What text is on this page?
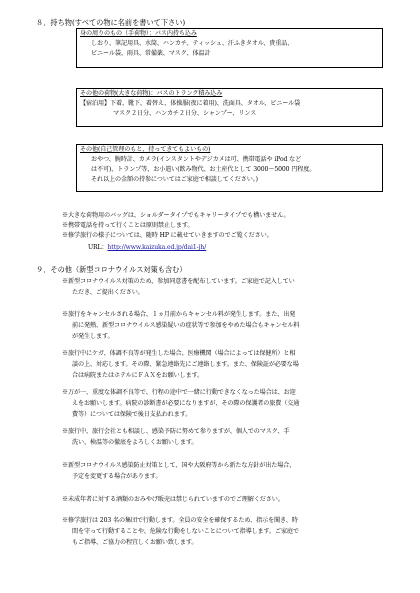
８．持ち物(すべての物に名前を書いて下さい)
身の周りのもの（手荷物）：バス内持ち込み
しおり、筆記用具、水筒、ハンカチ、ティッシュ、汗ふきタオル、貴重品、
ビニール袋、雨具、常備薬、マスク、体温計
その他の荷物(大きな荷物)：バスのトランク積み込み
【宿泊用】下着、靴下、着替え、体操服(夜に着用)、洗面具、タオル、ビニール袋
マスク２日分、ハンカチ２日分、シャンプー、リンス
その他(自己管理のもと、持ってきてもよいもの)
おやつ、腕時計、カメラ(インスタントやデジカメは可、携帯電話や iPod など
は不可)、トランプ等、お小遣い(飲み物代、お土産代として 3000～5000 円程度。
それ以上の金額の持参についてはご家庭で相談してください。)
※大きな荷物用のバッグは、ショルダータイプでもキャリータイプでも構いません。
※携帯電話を持って行くことは原則禁止します。
※修学旅行の様子については、随時 HP に載せていきますのでご覧ください。
URL：http://www.kaizuka.ed.jp/dai1-jh/
９．その他（新型コロナウイルス対策も含む）
※新型コロナウイルス対策のため、参加同意書を配布しています。ご家庭で記入してい
ただき、ご提出ください。
※旅行をキャンセルされる場合、１ヵ月前からキャンセル料が発生します。また、出発
前に発熱、新型コロナウイルス感染疑いの症状等で参加をやめた場合もキャンセル料
が発生します。
※旅行中にケガ、体調不良等が発生した場合、医療機関（場合によっては保健所）と相
談の上、対応します。その際、緊急連絡先にご連絡します。また、保険証が必要な場
合は病院またはホテルにＦＡＸをお願いします。
※万が一、重度な体調不良等で、行程の途中で一緒に行動できなくなった場合は、お迎
えをお願いします。病院の診断書が必要になりますが、その際の保護者の旅費（交通
費等）については保険で後日支払われます。
※旅行中、旅行会社とも相談し、感染予防に努めて参りますが、個人でのマスク、手
洗い、検温等の徹底をよろしくお願いします。
※新型コロナウイルス感染防止対策として、国や大阪府等から新たな方針が出た場合、
予定を変更する場合があります。
※未成年者に対する酒類のおみやげ販売は禁じられていますのでご理解ください。
※修学旅行は 203 名の集団で行動します。全員の安全を確保するため、指示を聞き、時
間を守って行動することや、危険な行動をしないことについて指導します。ご家庭で
もご指導、ご協力の程宜しくお願い致します。
